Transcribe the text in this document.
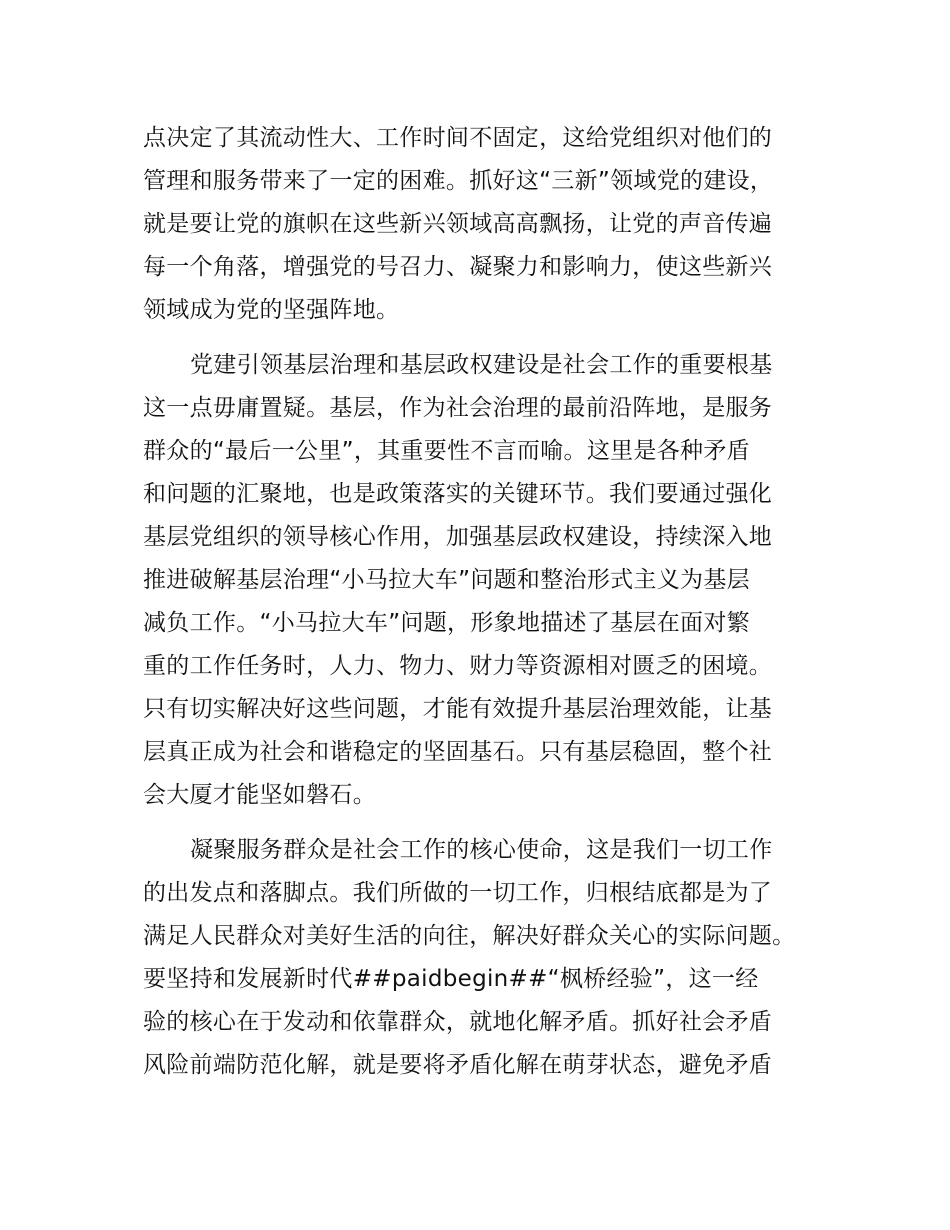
点决定了其流动性大、工作时间不固定，这给党组织对他们的
管理和服务带来了一定的困难。抓好这“三新”领域党的建设，
就是要让党的旗帜在这些新兴领域高高飘扬，让党的声音传遍
每一个角落，增强党的号召力、凝聚力和影响力，使这些新兴
领域成为党的坚强阵地。
党建引领基层治理和基层政权建设是社会工作的重要根基
这一点毋庸置疑。基层，作为社会治理的最前沿阵地，是服务
群众的“最后一公里”，其重要性不言而喻。这里是各种矛盾
和问题的汇聚地，也是政策落实的关键环节。我们要通过强化
基层党组织的领导核心作用，加强基层政权建设，持续深入地
推进破解基层治理“小马拉大车”问题和整治形式主义为基层
减负工作。“小马拉大车”问题，形象地描述了基层在面对繁
重的工作任务时，人力、物力、财力等资源相对匮乏的困境。
只有切实解决好这些问题，才能有效提升基层治理效能，让基
层真正成为社会和谐稳定的坚固基石。只有基层稳固，整个社
会大厦才能坚如磐石。
凝聚服务群众是社会工作的核心使命，这是我们一切工作
的出发点和落脚点。我们所做的一切工作，归根结底都是为了
满足人民群众对美好生活的向往，解决好群众关心的实际问题。
要坚持和发展新时代##paidbegin##“枫桥经验”，这一经
验的核心在于发动和依靠群众，就地化解矛盾。抓好社会矛盾
风险前端防范化解，就是要将矛盾化解在萌芽状态，避免矛盾
